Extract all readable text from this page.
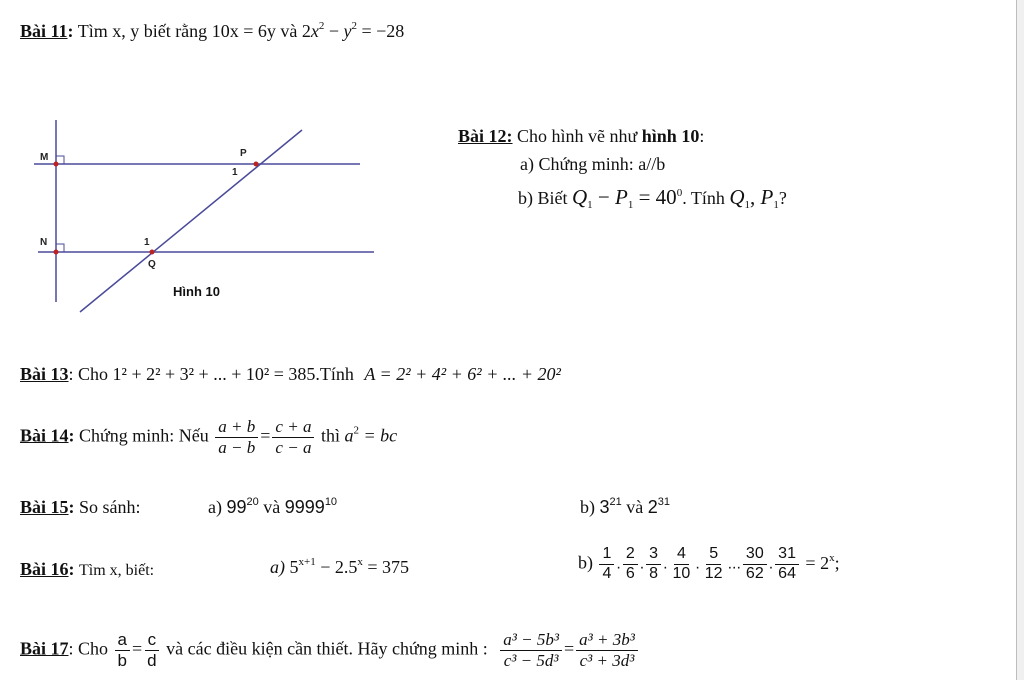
Bài 11: Tìm x, y biết rằng 10x = 6y và $2x^2 - y^2 = -28$
M
N
P
1
1
Q
Hình 10
Bài 12: Cho hình vẽ như hình 10:
a) Chứng minh: a//b
b) Biết $Q_1 - P_1 = 40^0$. Tính $Q_1$, $P_1$?
Bài 13: Cho 1² + 2² + 3² + ... + 10² = 385.Tính A = 2² + 4² + 6² + ... + 20²
Bài 14: Chứng minh: Nếu $\frac{a + b}{a - b} = \frac{c + a}{c - a}$ thì $a^2$ = bc
Bài 15: So sánh:	a) $99^{20}$ và 9999$^{10}$	b) $3^{21}$ và $2^{31}$
Bài 16: Tìm x, biết:	a) $5^{x+1} - 2.5^x = 375$	$b) \frac{1}{4}$ . $\frac{2}{6}$ . $\frac{3}{8}$ . $\frac{4}{10}$ . $\frac{5}{12}$ ... $\frac{30}{62}$ . $\frac{31}{64} = 2^x$;
Bài 17: Cho $\frac{a}{b} = \frac{c}{d}$ và các điều kiện cần thiết. Hãy chứng minh : $\frac{\text{a³ − 5b³}}{\text{c³ − 5d³}} = \frac{\text{a³ + 3b³}}{\text{c³ + 3d³}}$
